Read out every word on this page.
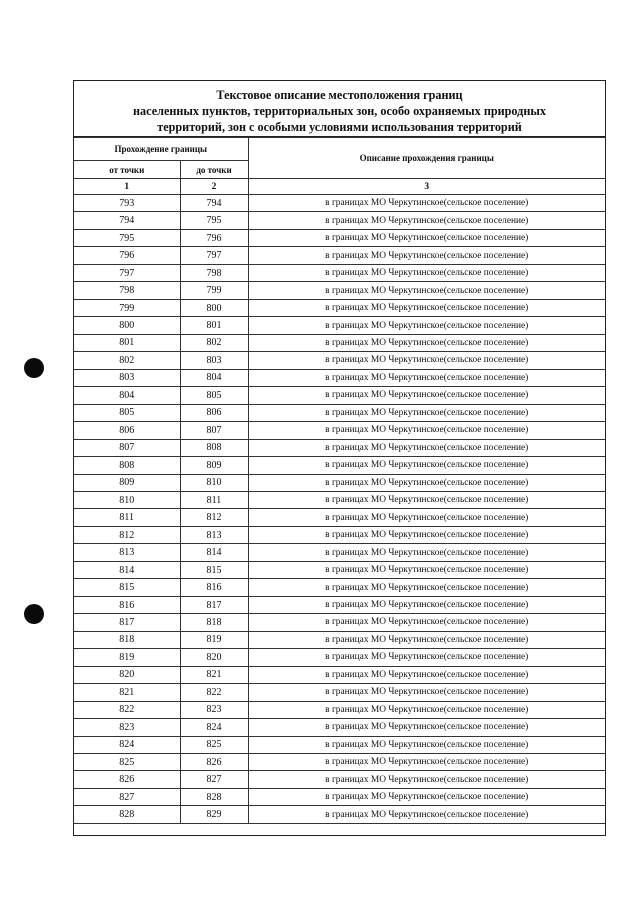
Текстовое описание местоположения границ
населенных пунктов, территориальных зон, особо охраняемых природных
территорий, зон с особыми условиями использования территорий
Прохождение границы		Описание прохождения границы
от точки	до точки	
1	2	3
793	794	в границах МО Черкутинское(сельское поселение)
794	795	в границах МО Черкутинское(сельское поселение)
795	796	в границах МО Черкутинское(сельское поселение)
796	797	в границах МО Черкутинское(сельское поселение)
797	798	в границах МО Черкутинское(сельское поселение)
798	799	в границах МО Черкутинское(сельское поселение)
799	800	в границах МО Черкутинское(сельское поселение)
800	801	в границах МО Черкутинское(сельское поселение)
801	802	в границах МО Черкутинское(сельское поселение)
802	803	в границах МО Черкутинское(сельское поселение)
803	804	в границах МО Черкутинское(сельское поселение)
804	805	в границах МО Черкутинское(сельское поселение)
805	806	в границах МО Черкутинское(сельское поселение)
806	807	в границах МО Черкутинское(сельское поселение)
807	808	в границах МО Черкутинское(сельское поселение)
808	809	в границах МО Черкутинское(сельское поселение)
809	810	в границах МО Черкутинское(сельское поселение)
810	811	в границах МО Черкутинское(сельское поселение)
811	812	в границах МО Черкутинское(сельское поселение)
812	813	в границах МО Черкутинское(сельское поселение)
813	814	в границах МО Черкутинское(сельское поселение)
814	815	в границах МО Черкутинское(сельское поселение)
815	816	в границах МО Черкутинское(сельское поселение)
816	817	в границах МО Черкутинское(сельское поселение)
817	818	в границах МО Черкутинское(сельское поселение)
818	819	в границах МО Черкутинское(сельское поселение)
819	820	в границах МО Черкутинское(сельское поселение)
820	821	в границах МО Черкутинское(сельское поселение)
821	822	в границах МО Черкутинское(сельское поселение)
822	823	в границах МО Черкутинское(сельское поселение)
823	824	в границах МО Черкутинское(сельское поселение)
824	825	в границах МО Черкутинское(сельское поселение)
825	826	в границах МО Черкутинское(сельское поселение)
826	827	в границах МО Черкутинское(сельское поселение)
827	828	в границах МО Черкутинское(сельское поселение)
828	829	в границах МО Черкутинское(сельское поселение)
